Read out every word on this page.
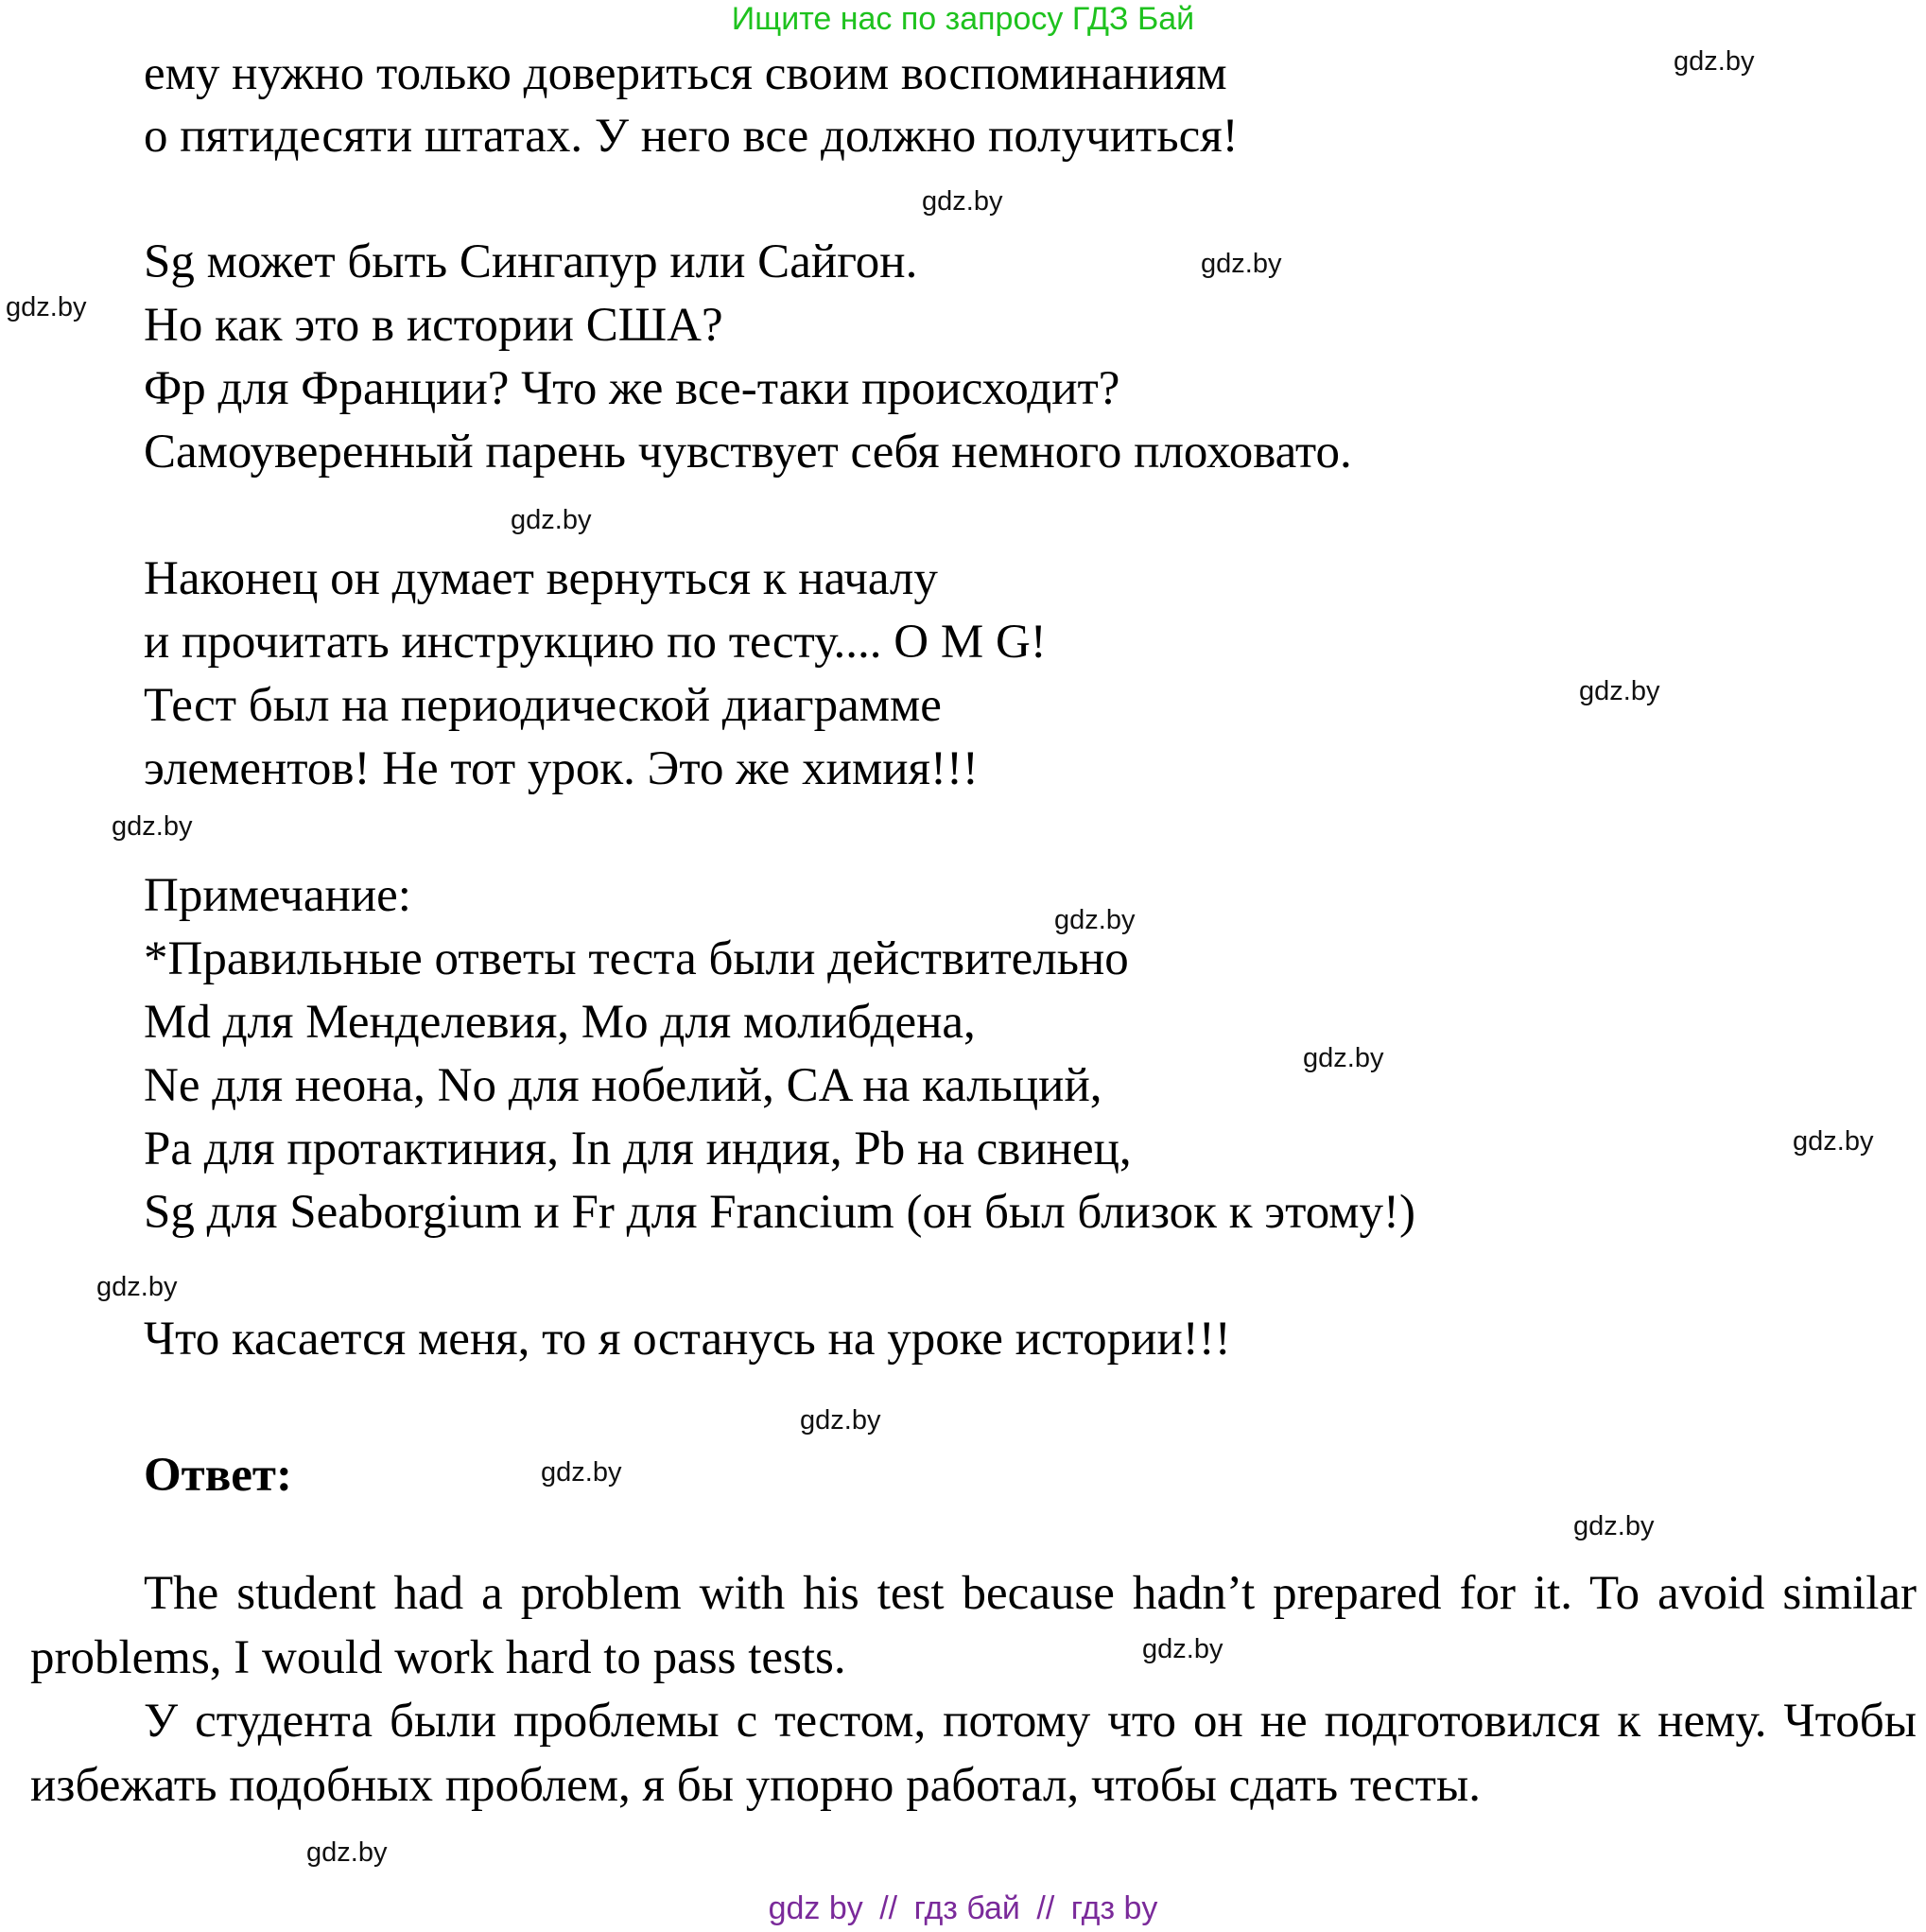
Ищите нас по запросу ГДЗ Бай
ему нужно только довериться своим воспоминаниям
о пятидесяти штатах. У него все должно получиться!
Sg может быть Сингапур или Сайгон.
Но как это в истории США?
Фр для Франции? Что же все-таки происходит?
Самоуверенный парень чувствует себя немного плоховато.
Наконец он думает вернуться к началу
и прочитать инструкцию по тесту.... O M G!
Тест был на периодической диаграмме
элементов! Не тот урок. Это же химия!!!
Примечание:
*Правильные ответы теста были действительно
Md для Менделевия, Mo для молибдена,
Ne для неона, No для нобелий, CA на кальций,
Pa для протактиния, In для индия, Pb на свинец,
Sg для Seaborgium и Fr для Francium (он был близок к этому!)
Что касается меня, то я останусь на уроке истории!!!
Ответ:
The student had a problem with his test because hadn’t prepared for it. To avoid similar problems, I would work hard to pass tests.
У студента были проблемы с тестом, потому что он не подготовился к нему. Чтобы избежать подобных проблем, я бы упорно работал, чтобы сдать тесты.
gdz.by
gdz.by
gdz.by
gdz.by
gdz.by
gdz.by
gdz.by
gdz.by
gdz.by
gdz.by
gdz.by
gdz.by
gdz.by
gdz.by
gdz.by
gdz.by
gdz by // гдз бай // гдз by
